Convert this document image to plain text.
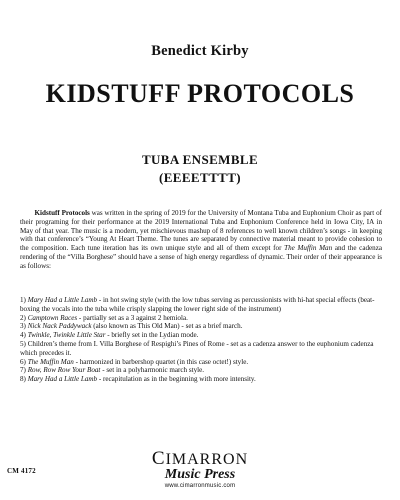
Benedict Kirby
KIDSTUFF PROTOCOLS
TUBA ENSEMBLE
(EEEETTTT)

Kidstuff Protocols was written in the spring of 2019 for the University of Montana Tuba and Euphonium Choir as part of their programing for their performance at the 2019 International Tuba and Euphonium Conference held in Iowa City, IA in May of that year. The music is a modern, yet mischievous mashup of 8 references to well known children’s songs - in keeping with that conference’s “Young At Heart Theme. The tunes are separated by connective material meant to provide cohesion to the composition. Each tune iteration has its own unique style and all of them except for The Muffin Man and the cadenza rendering of the “Villa Borghese” should have a sense of high energy regardless of dynamic. Their order of their appearance is as follows:

1) Mary Had a Little Lamb - in hot swing style (with the low tubas serving as percussionists with hi-hat special effects (beat-boxing the vocals into the tuba while crisply slapping the lower right side of the instrument)
2) Camptown Races - partially set as a 3 against 2 hemiola.
3) Nick Nack Paddywack (also known as This Old Man) - set as a brief march.
4) Twinkle, Twinkle Little Star - briefly set in the Lydian mode.
5) Children’s theme from I. Villa Borghese of Respighi’s Pines of Rome - set as a cadenza answer to the euphonium cadenza which precedes it.
6) The Muffin Man - harmonized in barbershop quartet (in this case octet!) style.
7) Row, Row Row Your Boat - set in a polyharmonic march style.
8) Mary Had a Little Lamb - recapitulation as in the beginning with more intensity.
CM 4172
CIMARRON
Music Press
www.cimarronmusic.com
